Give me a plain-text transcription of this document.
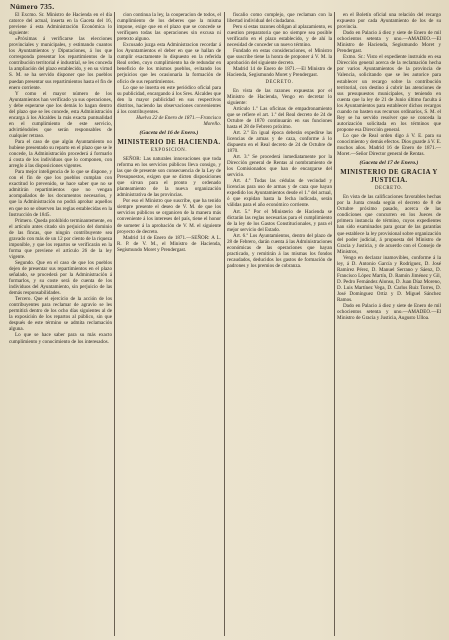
Número 735.

El Excmo. Sr. Ministro de Hacienda en el día catorce del actual, inserta en la Gaceta del 16, previene á esta Administración Económica lo siguiente:

«Próximas á verificarse las elecciones provinciales y municipales, y estimando cuantos los Ayuntamientos y Diputaciones, á los que corresponda presentar los repartimientos de la contribución territorial é industrial, se les conceda la ampliación del plazo establecido, y en su virtud S. M. se ha servido disponer que los pueblos puedan presentar sus repartimientos hasta el fin de enero corriente.

Y como el mayor número de los Ayuntamientos han verificado ya sus operaciones, y debe esperarse que los demás lo hagan dentro del plazo que se les concede, esta Administración encarga á los Alcaldes la más exacta puntualidad en el cumplimiento de este servicio, advirtiéndoles que serán responsables de cualquier retraso.

Para el caso de que algún Ayuntamiento no hubiese presentado su reparto en el plazo que se le concede, la Administración procederá á formarlo á costa de los individuos que lo componen, con arreglo á las disposiciones vigentes.

Para mejor inteligencia de lo que se dispone, y con el fin de que los pueblos cumplan con exactitud lo prevenido, se hace saber que no se admitirán repartimientos que no vengan acompañados de los documentos necesarios, y que la Administración no podrá aprobar aquellos en que no se observen las reglas establecidas en la Instrucción de 1845.

Primero. Queda prohibido terminantemente, en el artículo antes citado sin perjuicio del dominio de las fincas, que ningún contribuyente sea gravado con más de un 12 por ciento de la riqueza imponible, y que los repartos se verificarán en la forma que previene el artículo 26 de la ley vigente.

Segundo. Que en el caso de que los pueblos dejen de presentar sus repartimientos en el plazo señalado, se procederá por la Administración á formarlos, y su coste será de cuenta de los individuos del Ayuntamiento, sin perjuicio de las demás responsabilidades.

Tercero. Que el ejercicio de la acción de los contribuyentes para reclamar de agravio se les permitirá dentro de los ocho días siguientes al de la exposición de los repartos al público, sin que después de este término se admita reclamación alguna.

Lo que se hace saber para su más exacto cumplimiento y conocimiento de los interesados.

cion continua la ley, la cooperacion de todos, el cumplimiento de los deberes que la misma impone, exige que en el plazo que se concede se verifiquen todas las operaciones sin excusa ni pretexto alguno.

Excusado juzga esta Administracion recordar á los Ayuntamientos el deber en que se hallan de cumplir exactamente lo dispuesto en la referida Real orden, cuyo cumplimiento ha de redundar en beneficio de los mismos pueblos, evitando los perjuicios que les ocasionaría la formación de oficio de sus repartimientos.

Lo que se inserta en este periódico oficial para su publicidad, encargando á los Sres. Alcaldes que den la mayor publicidad en sus respectivos distritos, haciendo las observaciones convenientes á los contribuyentes.

Huelva 22 de Enero de 1871.—Francisco Morello.

(Gaceta del 16 de Enero.)
MINISTERIO DE HACIENDA.
EXPOSICION.

SEÑOR: Las naturales innovaciones que toda reforma en los servicios públicos lleva consigo, y las que de presente son consecuencia de la Ley de Presupuestos, exigen que se dicten disposiciones que sirvan para el pronto y ordenado planteamiento de la nueva organización administrativa de las provincias.

Por eso el Ministro que suscribe, que ha tenido siempre presente el deseo de V. M. de que los servicios públicos se organicen de la manera más conveniente á los intereses del país, tiene el honor de someter á la aprobación de V. M. el siguiente proyecto de decreto.

Madrid 14 de Enero de 1871.—SEÑOR: A L. R. P. de V. M., el Ministro de Hacienda, Segismundo Moret y Prendergast.

fiscalio como complejo, que reclaman con la libertad individual del ciudadano.

Pero si estas razones obligan al aplazamiento, es cuestion preparatoria que no siempre sea posible verificarlo en el plazo establecido, y de ahí la necesidad de conceder un nuevo término.

Fundado en estas consideraciones, el Ministro que suscribe tiene la honra de proponer á V. M. la aprobación del siguiente decreto.

Madrid 14 de Enero de 1871.—El Ministro de Hacienda, Segismundo Moret y Prendergast.

DECRETO.

En vista de las razones expuestas por el Ministro de Hacienda, Vengo en decretar lo siguiente:

Artículo 1.º Las oficinas de empadronamiento que se refiere el art. 1.º del Real decreto de 24 de Octubre de 1870 continuarán en sus funciones hasta el 28 de Febrero próximo.

Art. 2.º En igual época deberán expedirse las licencias de armas y de caza, conforme á lo dispuesto en el Real decreto de 24 de Octubre de 1870.

Art. 3.º Se procederá inmediatamente por la Dirección general de Rentas al nombramiento de los Comisionados que han de encargarse del servicio.

Art. 4.º Todas las cédulas de vecindad y licencias para uso de armas y de caza que hayan expedido los Ayuntamientos desde el 1.º del actual, ó que expidan hasta la fecha indicada, serán válidas para el año económico corriente.

Art. 5.º Por el Ministerio de Hacienda se dictarán las reglas necesarias para el cumplimiento de la ley de los Gastos Constitucionales, y para el mejor servicio del Estado.

Art. 6.º Los Ayuntamientos, dentro del plazo de 28 de Febrero, darán cuenta á las Administraciones económicas de las operaciones que hayan practicado, y remitirán á las mismas los fondos recaudados, deducidos los gastos de formación de padrones y los premios de cobranza.

en el Boletín oficial una relación del recargo expuesto por cada Ayuntamiento de los de su provincia.

Dado en Palacio á diez y siete de Enero de mil ochocientos setenta y uno.—AMADEO.—El Ministro de Hacienda, Segismundo Moret y Prendergast.

Exmo. Sr.: Visto el expediente instruido en esa Dirección general acerca de la reclamación hecha por varios Ayuntamientos de la provincia de Valencia, solicitando que se les autorice para establecer un recargo sobre la contribución territorial, con destino á cubrir las atenciones de sus presupuestos municipales, y teniendo en cuenta que la ley de 21 de Junio último faculta á los Ayuntamientos para establecer dichos recargos cuando no basten sus recursos ordinarios, S. M. el Rey se ha servido resolver que se conceda la autorización solicitada en los términos que propone esa Dirección general.

Lo que de Real orden digo á V. E. para su conocimiento y demás efectos. Dios guarde á V. E. muchos años. Madrid 16 de Enero de 1871.—Moret.—Señor Director general de Rentas.

(Gaceta del 17 de Enero.)
MINISTERIO DE GRACIA Y JUSTICIA.
DECRETO.

En vista de las calificaciones favorables hechas por la Junta creada según el decreto de 8 de Octubre próximo pasado, acerca de las condiciones que concurren en los Jueces de primera instancia de término, cuyos expedientes han sido examinados para gozar de las garantías que establece la ley provisional sobre organización del poder judicial, á propuesta del Ministro de Gracia y Justicia, y de acuerdo con el Consejo de Ministros,

Vengo en declarar inamovibles, conforme á la ley, á D. Antonio García y Rodríguez, D. José Ramírez Pérez, D. Manuel Serrano y Sáenz, D. Francisco López Martín, D. Ramón Jiménez y Gil, D. Pedro Fernández Alonso, D. Juan Díaz Moreno, D. Luis Martínez Vega, D. Carlos Ruiz Torres, D. José Domínguez Ortiz y D. Miguel Sánchez Ramos.

Dado en Palacio á diez y siete de Enero de mil ochocientos setenta y uno.—AMADEO.—El Ministro de Gracia y Justicia, Augusto Ulloa.
